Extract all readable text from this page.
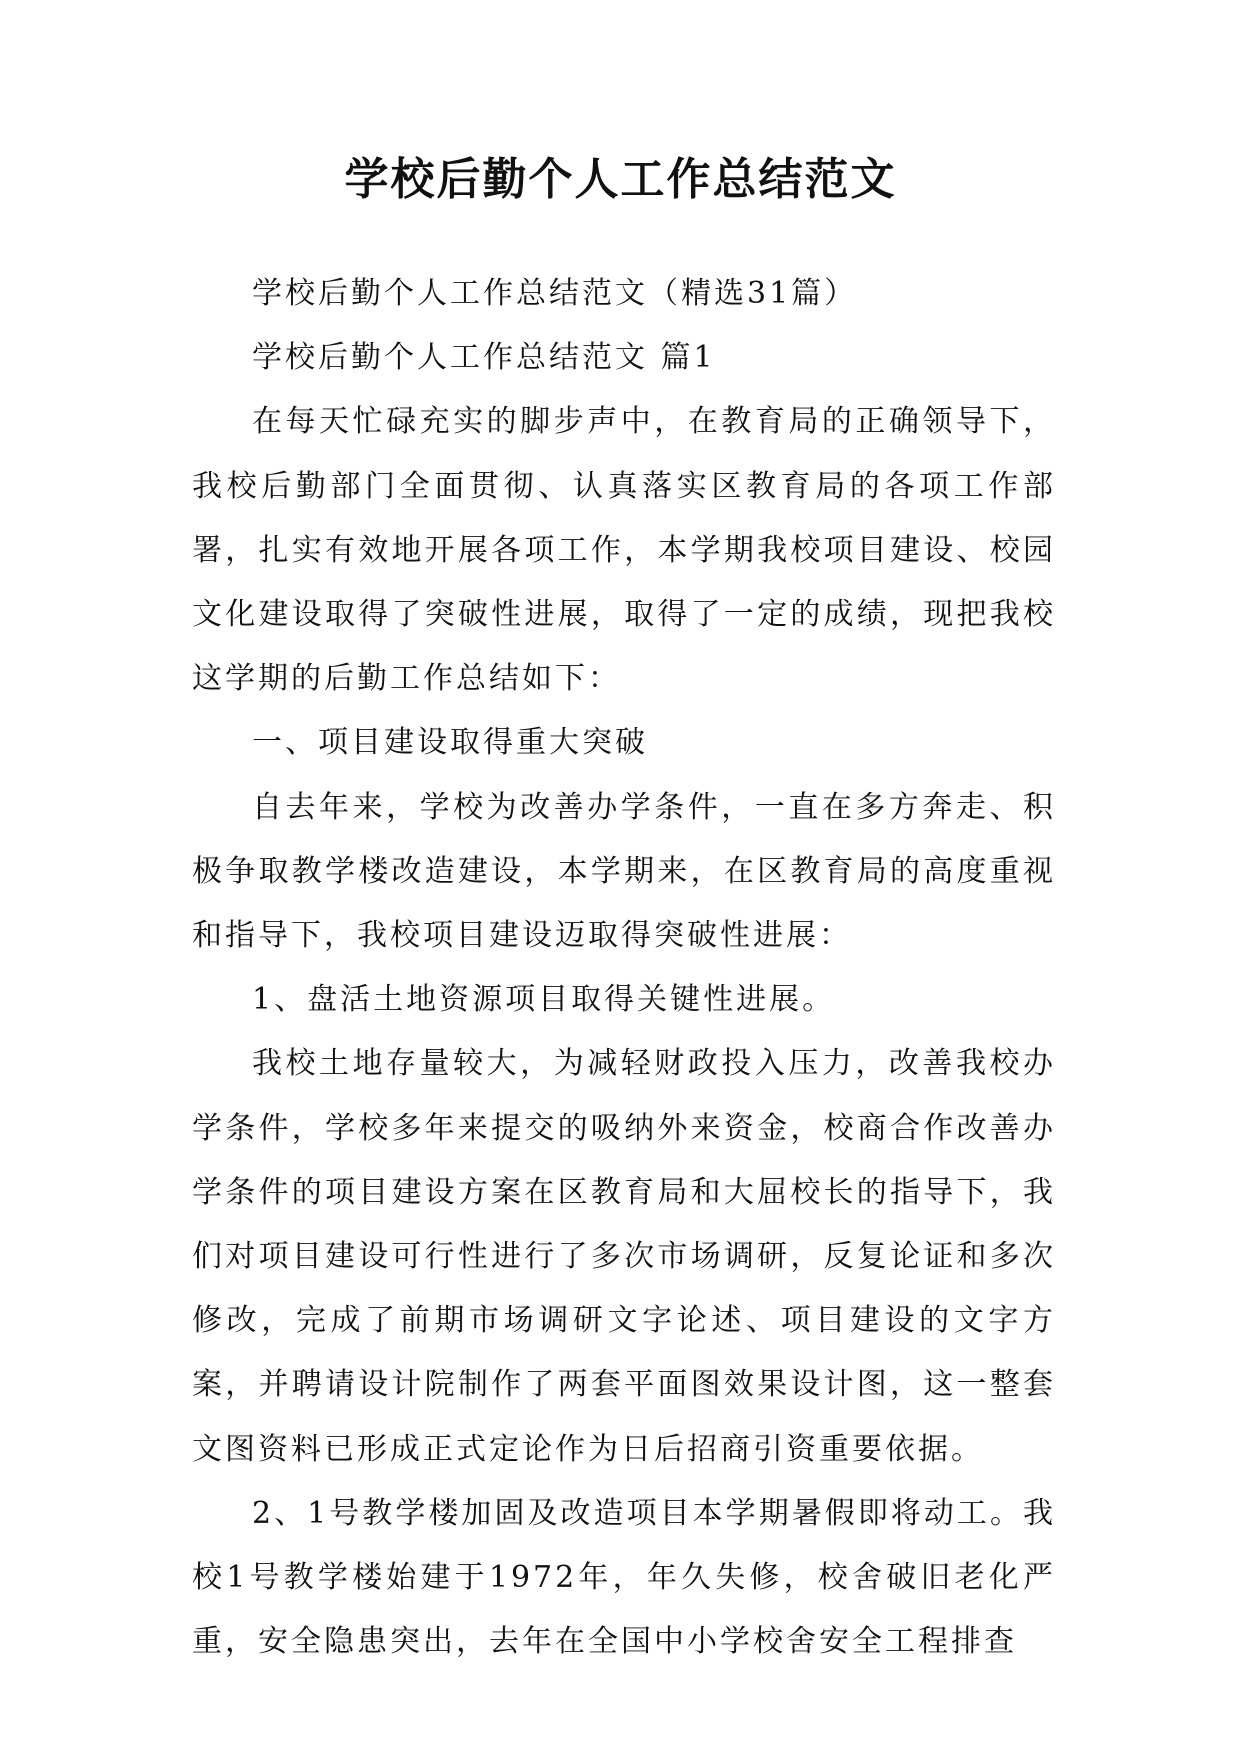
学校后勤个人工作总结范文

学校后勤个人工作总结范文（精选31篇）

学校后勤个人工作总结范文 篇1

在每天忙碌充实的脚步声中，在教育局的正确领导下，我校后勤部门全面贯彻、认真落实区教育局的各项工作部署，扎实有效地开展各项工作，本学期我校项目建设、校园文化建设取得了突破性进展，取得了一定的成绩，现把我校这学期的后勤工作总结如下：

一、项目建设取得重大突破

自去年来，学校为改善办学条件，一直在多方奔走、积极争取教学楼改造建设，本学期来，在区教育局的高度重视和指导下，我校项目建设迈取得突破性进展：

1、盘活土地资源项目取得关键性进展。

我校土地存量较大，为减轻财政投入压力，改善我校办学条件，学校多年来提交的吸纳外来资金，校商合作改善办学条件的项目建设方案在区教育局和大屈校长的指导下，我们对项目建设可行性进行了多次市场调研，反复论证和多次修改，完成了前期市场调研文字论述、项目建设的文字方案，并聘请设计院制作了两套平面图效果设计图，这一整套文图资料已形成正式定论作为日后招商引资重要依据。

2、1号教学楼加固及改造项目本学期暑假即将动工。我校1号教学楼始建于1972年，年久失修，校舍破旧老化严重，安全隐患突出，去年在全国中小学校舍安全工程排查
